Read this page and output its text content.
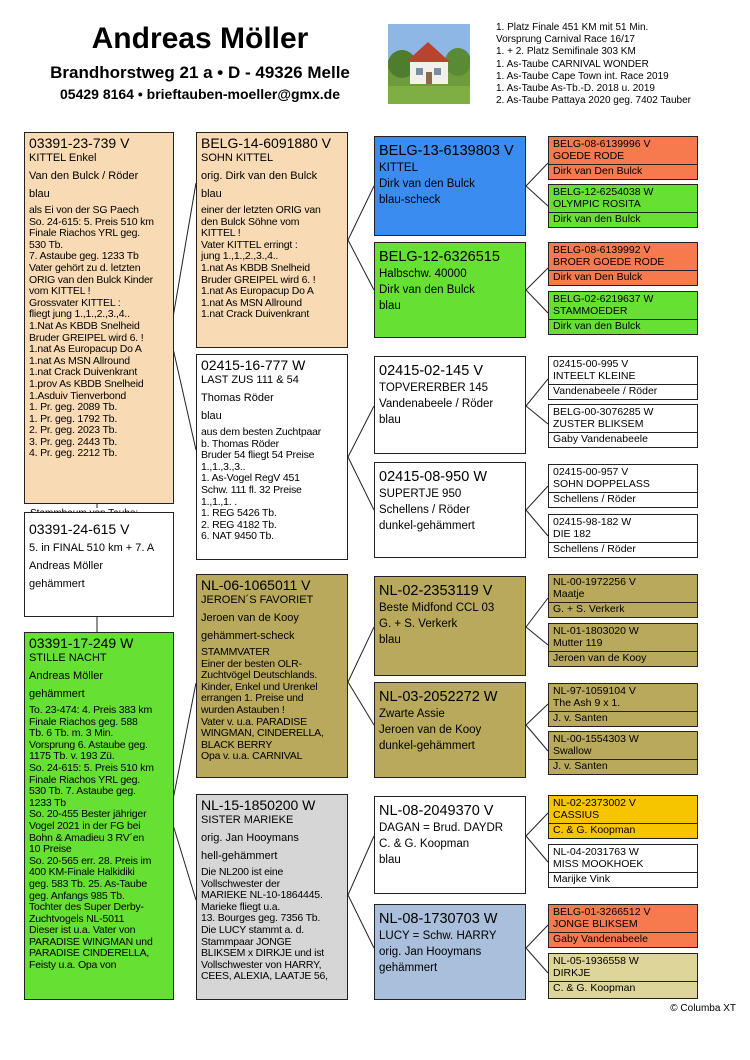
Andreas Möller
Brandhorstweg 21 a • D - 49326 Melle
05429 8164 • brieftauben-moeller@gmx.de
1. Platz Finale 451 KM mit 51 Min.
Vorsprung Carnival Race 16/17
1. + 2. Platz Semifinale 303 KM
1. As-Taube CARNIVAL WONDER
1. As-Taube Cape Town int. Race 2019
1. As-Taube As-Tb.-D. 2018 u. 2019
2. As-Taube Pattaya 2020 geg. 7402 Tauber
03391-23-739 V
KITTEL Enkel
Van den Bulck / Röder
blau
als Ei von der SG Paech
So. 24-615: 5. Preis 510 km
Finale Riachos YRL geg.
530 Tb.
7. Astaube geg. 1233 Tb
Vater gehört zu d. letzten
ORIG van den Bulck Kinder
vom KITTEL !
Grossvater KITTEL :
fliegt jung 1.,1.,2.,3.,4..
1.Nat As KBDB Snelheid
Bruder GREIPEL wird 6. !
1.nat As Europacup Do A
1.nat As MSN Allround
1.nat Crack Duivenkrant
1.prov As KBDB Snelheid
1.Asduiv Tienverbond
1. Pr. geg. 2089 Tb.
1. Pr. geg. 1792 Tb.
2. Pr. geg. 2023 Tb.
3. Pr. geg. 2443 Tb.
4. Pr. geg. 2212 Tb.
03391-24-615 V
5. in FINAL 510 km + 7. A
Andreas Möller
gehämmert
03391-17-249 W
STILLE NACHT
Andreas Möller
gehämmert
To. 23-474: 4. Preis 383 km
Finale Riachos geg. 588
Tb. 6 Tb. m. 3 Min.
Vorsprung 6. Astaube geg.
1175 Tb. v. 193 Zü.
So. 24-615: 5. Preis 510 km
Finale Riachos YRL geg.
530 Tb. 7. Astaube geg.
1233 Tb
So. 20-455 Bester jähriger
Vogel 2021 in der FG bei
Bohn & Amadieu 3 RV´en
10 Preise
So. 20-565 err. 28. Preis im
400 KM-Finale Halkidiki
geg. 583 Tb. 25. As-Taube
geg. Anfangs 985 Tb.
Tochter des Super Derby-
Zuchtvogels NL-5011
Dieser ist u.a. Vater von
PARADISE WINGMAN und
PARADISE CINDERELLA,
Feisty u.a. Opa von
BELG-14-6091880 V
SOHN KITTEL
orig. Dirk van den Bulck
blau
einer der letzten ORIG van
den Bulck Söhne vom
KITTEL !
Vater KITTEL erringt :
jung 1.,1.,2.,3.,4..
1.nat As KBDB Snelheid
Bruder GREIPEL wird 6. !
1.nat As Europacup Do A
1.nat As MSN Allround
1.nat Crack Duivenkrant
02415-16-777 W
LAST ZUS 111 & 54
Thomas Röder
blau
aus dem besten Zuchtpaar
b. Thomas Röder
Bruder 54 fliegt 54 Preise
1.,1.,3.,3..
1. As-Vogel RegV 451
Schw. 111 fl. 32 Preise
1.,1.,1. .
1. REG 5426 Tb.
2. REG 4182 Tb.
6. NAT 9450 Tb.
NL-06-1065011 V
JEROEN´S FAVORIET
Jeroen van de Kooy
gehämmert-scheck
STAMMVATER
Einer der besten OLR-
Zuchtvögel Deutschlands.
Kinder, Enkel und Urenkel
errangen 1. Preise und
wurden Astauben !
Vater v. u.a. PARADISE
WINGMAN, CINDERELLA,
BLACK BERRY
Opa v. u.a. CARNIVAL
NL-15-1850200 W
SISTER MARIEKE
orig. Jan Hooymans
hell-gehämmert
Die NL200 ist eine
Vollschwester der
MARIEKE NL-10-1864445.
Marieke fliegt u.a.
13. Bourges geg. 7356 Tb.
Die LUCY stammt a. d.
Stammpaar JONGE
BLIKSEM x DIRKJE und ist
Vollschwester von HARRY,
CEES, ALEXIA, LAATJE 56,
BELG-13-6139803 V
KITTEL
Dirk van den Bulck
blau-scheck
BELG-12-6326515
Halbschw. 40000
Dirk van den Bulck
blau
02415-02-145 V
TOPVERERBER 145
Vandenabeele / Röder
blau
02415-08-950 W
SUPERTJE 950
Schellens / Röder
dunkel-gehämmert
NL-02-2353119 V
Beste Midfond CCL 03
G. + S. Verkerk
blau
NL-03-2052272 W
Zwarte Assie
Jeroen van de Kooy
dunkel-gehämmert
NL-08-2049370 V
DAGAN = Brud. DAYDR
C. & G. Koopman
blau
NL-08-1730703 W
LUCY = Schw. HARRY
orig. Jan Hooymans
gehämmert
BELG-08-6139996 V
GOEDE RODE
Dirk van Den Bulck
BELG-12-6254038 W
OLYMPIC ROSITA
Dirk van den Bulck
BELG-08-6139992 V
BROER GOEDE RODE
Dirk van Den Bulck
BELG-02-6219637 W
STAMMOEDER
Dirk van den Bulck
02415-00-995 V
INTEELT KLEINE
Vandenabeele / Röder
BELG-00-3076285 W
ZUSTER BLIKSEM
Gaby Vandenabeele
02415-00-957 V
SOHN DOPPELASS
Schellens / Röder
02415-98-182 W
DIE 182
Schellens / Röder
NL-00-1972256 V
Maatje
G. + S. Verkerk
NL-01-1803020 W
Mutter 119
Jeroen van de Kooy
NL-97-1059104 V
The Ash 9 x 1.
J. v. Santen
NL-00-1554303 W
Swallow
J. v. Santen
NL-02-2373002 V
CASSIUS
C. & G. Koopman
NL-04-2031763 W
MISS MOOKHOEK
Marijke Vink
BELG-01-3266512 V
JONGE BLIKSEM
Gaby Vandenabeele
NL-05-1936558 W
DIRKJE
C. & G. Koopman
© Columba XT
